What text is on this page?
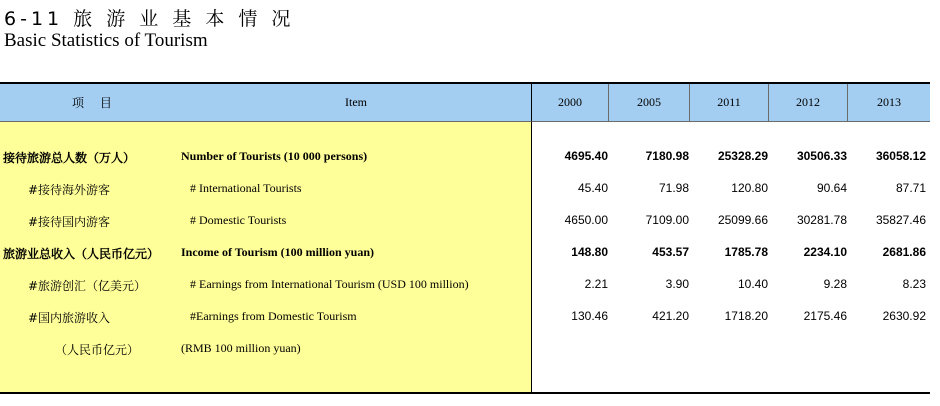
6-11 旅 游 业 基 本 情 况
Basic Statistics of Tourism
项 目	Item	2000	2005	2011	2012	2013
接待旅游总人数（万人）	Number of Tourists (10 000 persons)	4695.40	7180.98	25328.29	30506.33	36058.12
#接待海外游客	# International Tourists	45.40	71.98	120.80	90.64	87.71
#接待国内游客	# Domestic Tourists	4650.00	7109.00	25099.66	30281.78	35827.46
旅游业总收入（人民币亿元） Income of Tourism (100 million yuan)	148.80	453.57	1785.78	2234.10	2681.86
#旅游创汇（亿美元）	# Earnings from International Tourism (USD 100 million)	2.21	3.90	10.40	9.28	8.23
#国内旅游收入	#Earnings from Domestic Tourism	130.46	421.20	1718.20	2175.46	2630.92
（人民币亿元）	(RMB 100 million yuan)
